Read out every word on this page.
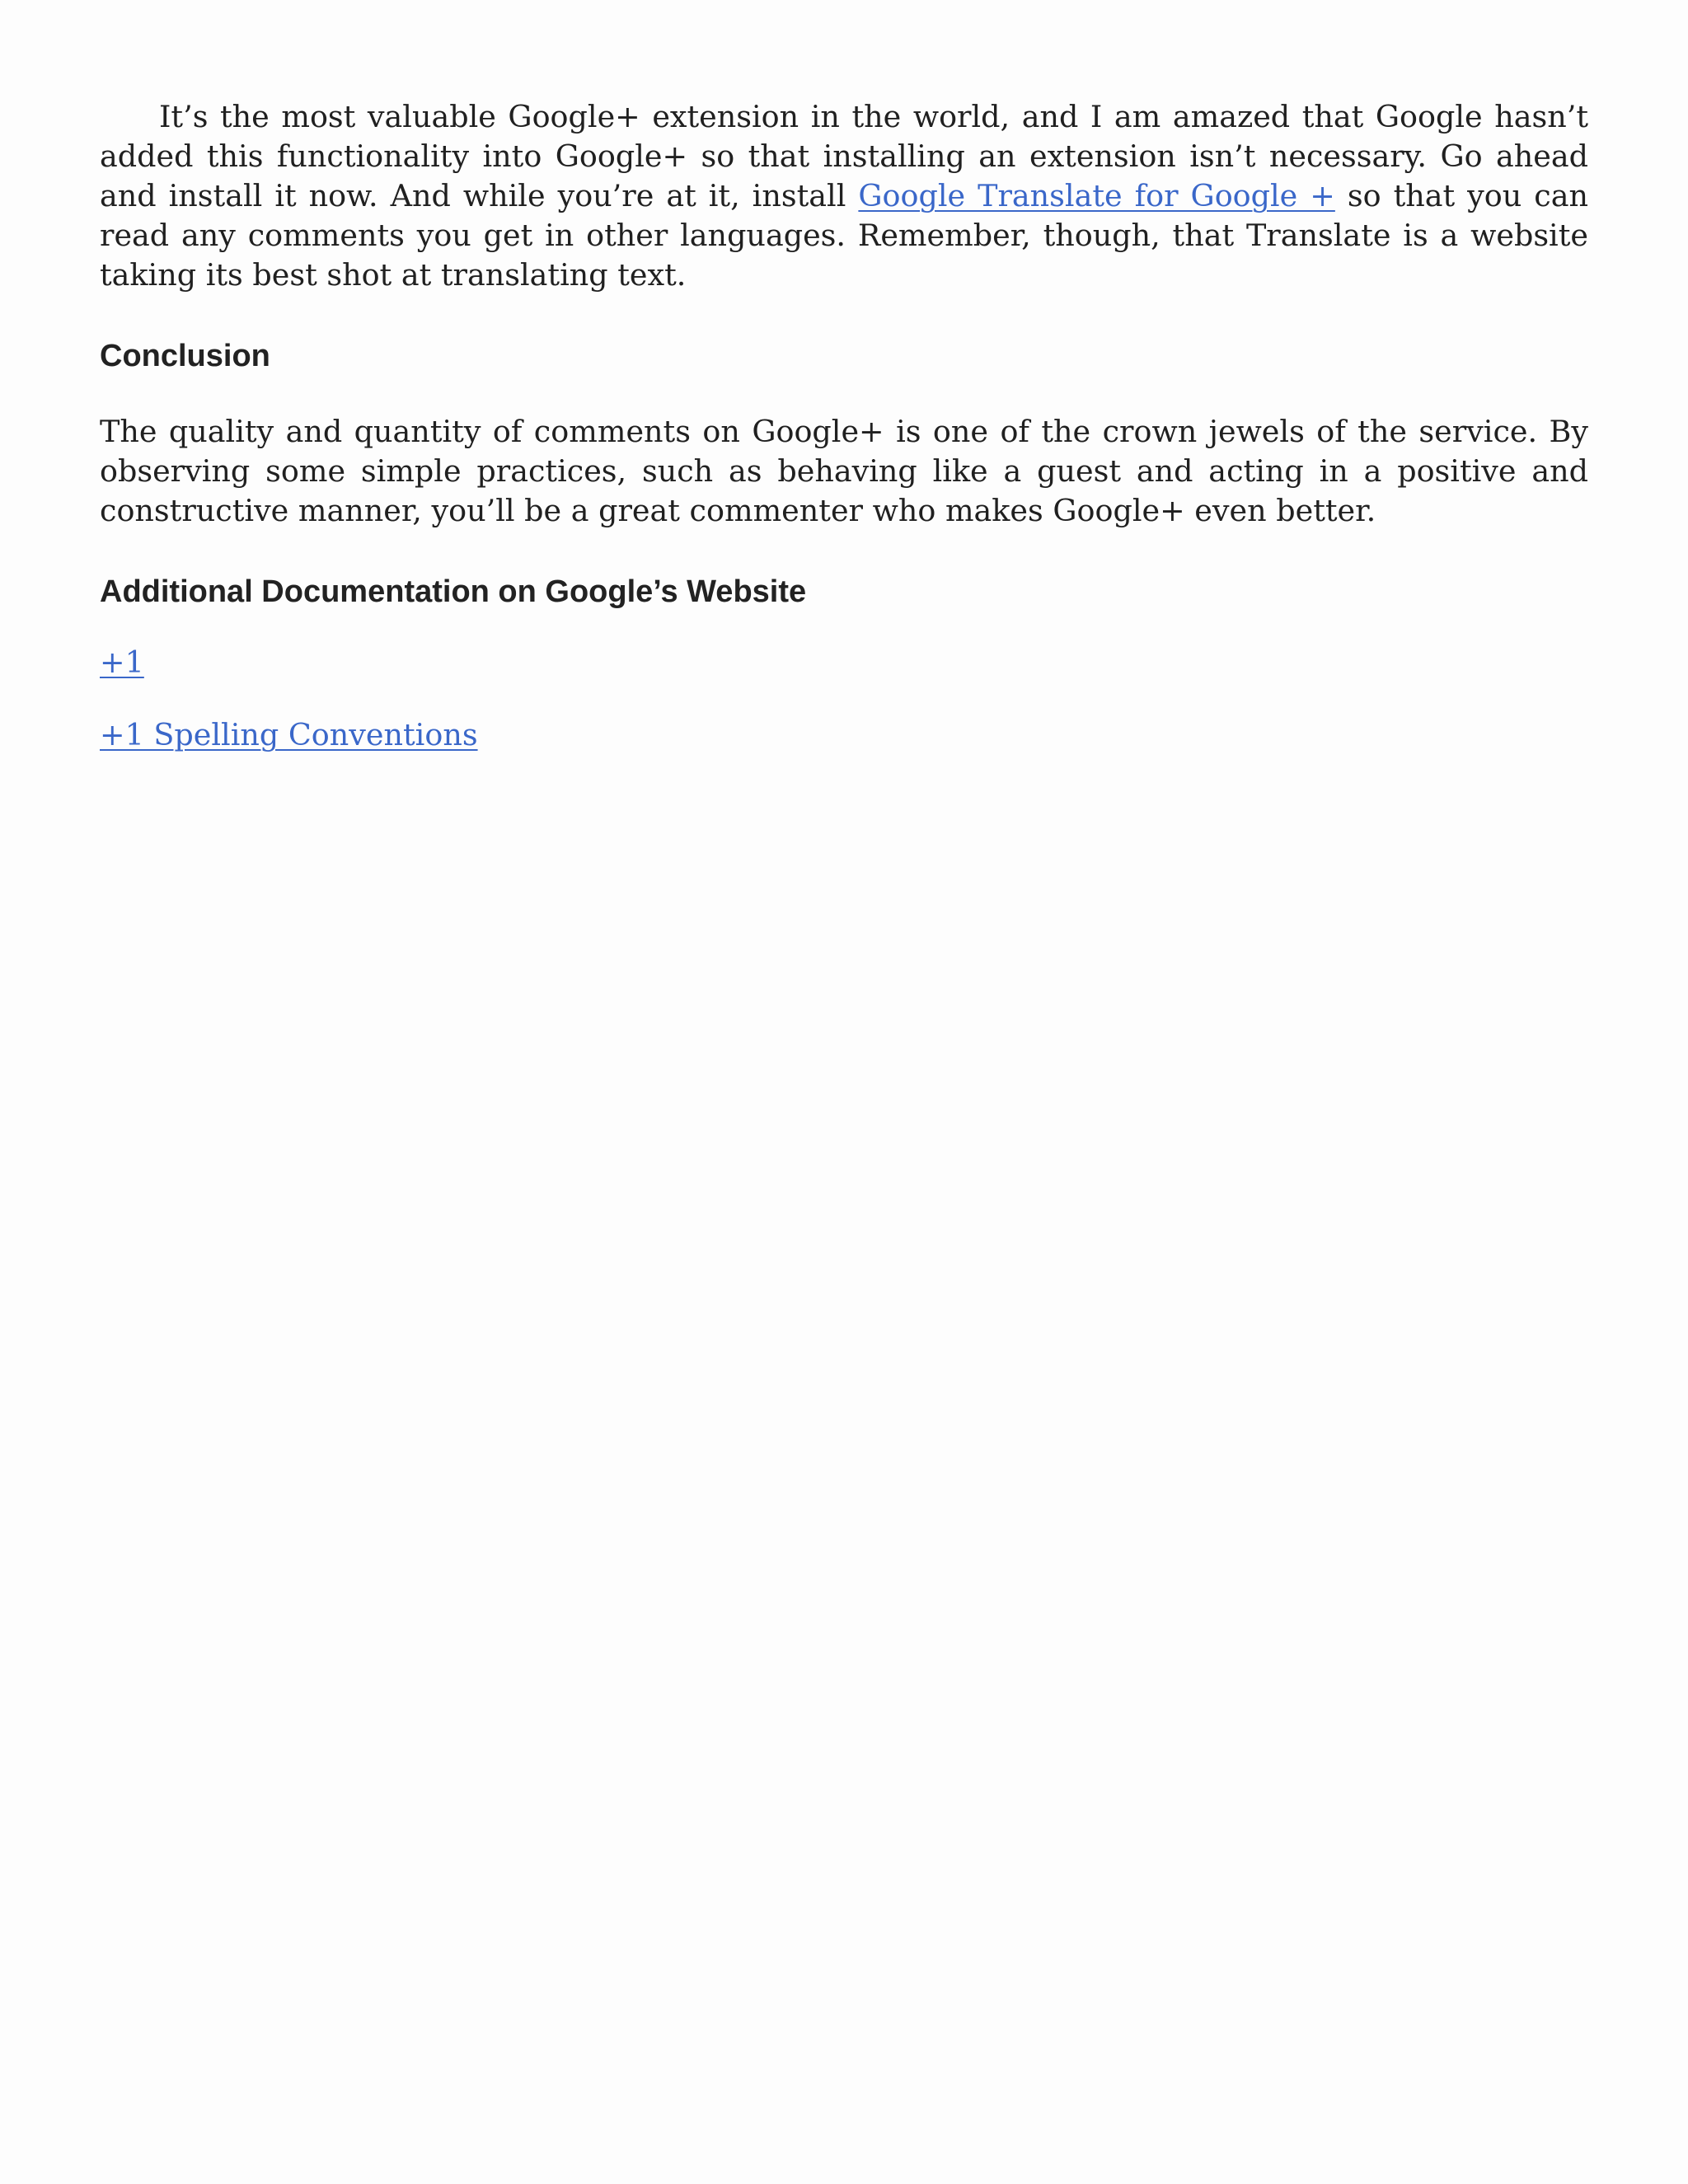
It’s the most valuable Google+ extension in the world, and I am amazed that Google hasn’t added this functionality into Google+ so that installing an extension isn’t necessary. Go ahead and install it now. And while you’re at it, install Google Translate for Google + so that you can read any comments you get in other languages. Remember, though, that Translate is a website taking its best shot at translating text.

Conclusion

The quality and quantity of comments on Google+ is one of the crown jewels of the service. By observing some simple practices, such as behaving like a guest and acting in a positive and constructive manner, you’ll be a great commenter who makes Google+ even better.

Additional Documentation on Google’s Website

+1

+1 Spelling Conventions
